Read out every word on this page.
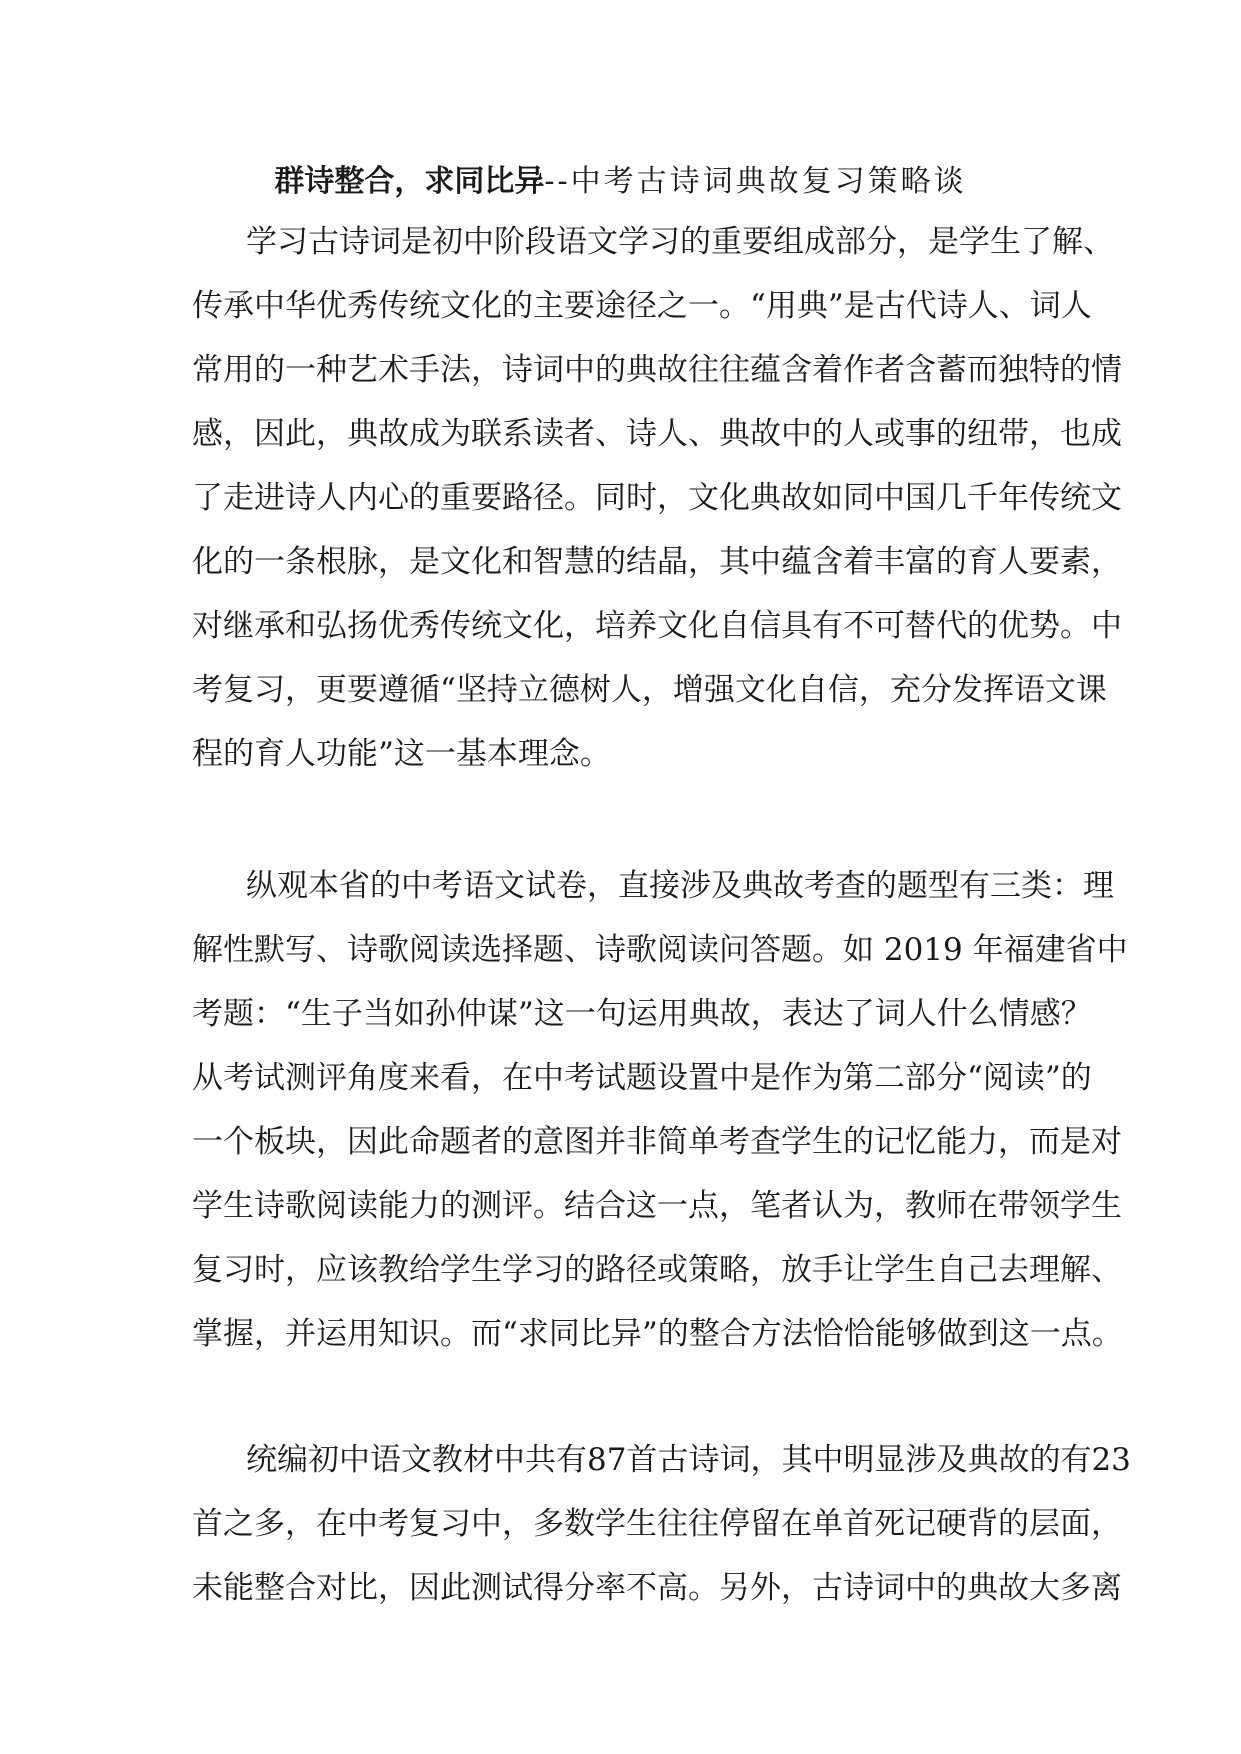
群诗整合，求同比异--中考古诗词典故复习策略谈
学习古诗词是初中阶段语文学习的重要组成部分，是学生了解、
传承中华优秀传统文化的主要途径之一。“用典”是古代诗人、词人
常用的一种艺术手法，诗词中的典故往往蕴含着作者含蓄而独特的情
感，因此，典故成为联系读者、诗人、典故中的人或事的纽带，也成
了走进诗人内心的重要路径。同时，文化典故如同中国几千年传统文
化的一条根脉，是文化和智慧的结晶，其中蕴含着丰富的育人要素，
对继承和弘扬优秀传统文化，培养文化自信具有不可替代的优势。中
考复习，更要遵循“坚持立德树人，增强文化自信，充分发挥语文课
程的育人功能”这一基本理念。
纵观本省的中考语文试卷，直接涉及典故考查的题型有三类：理
解性默写、诗歌阅读选择题、诗歌阅读问答题。如 2019 年福建省中
考题：“生子当如孙仲谋”这一句运用典故，表达了词人什么情感？
从考试测评角度来看，在中考试题设置中是作为第二部分“阅读”的
一个板块，因此命题者的意图并非简单考查学生的记忆能力，而是对
学生诗歌阅读能力的测评。结合这一点，笔者认为，教师在带领学生
复习时，应该教给学生学习的路径或策略，放手让学生自己去理解、
掌握，并运用知识。而“求同比异”的整合方法恰恰能够做到这一点。
统编初中语文教材中共有87首古诗词，其中明显涉及典故的有23
首之多，在中考复习中，多数学生往往停留在单首死记硬背的层面，
未能整合对比，因此测试得分率不高。另外，古诗词中的典故大多离
